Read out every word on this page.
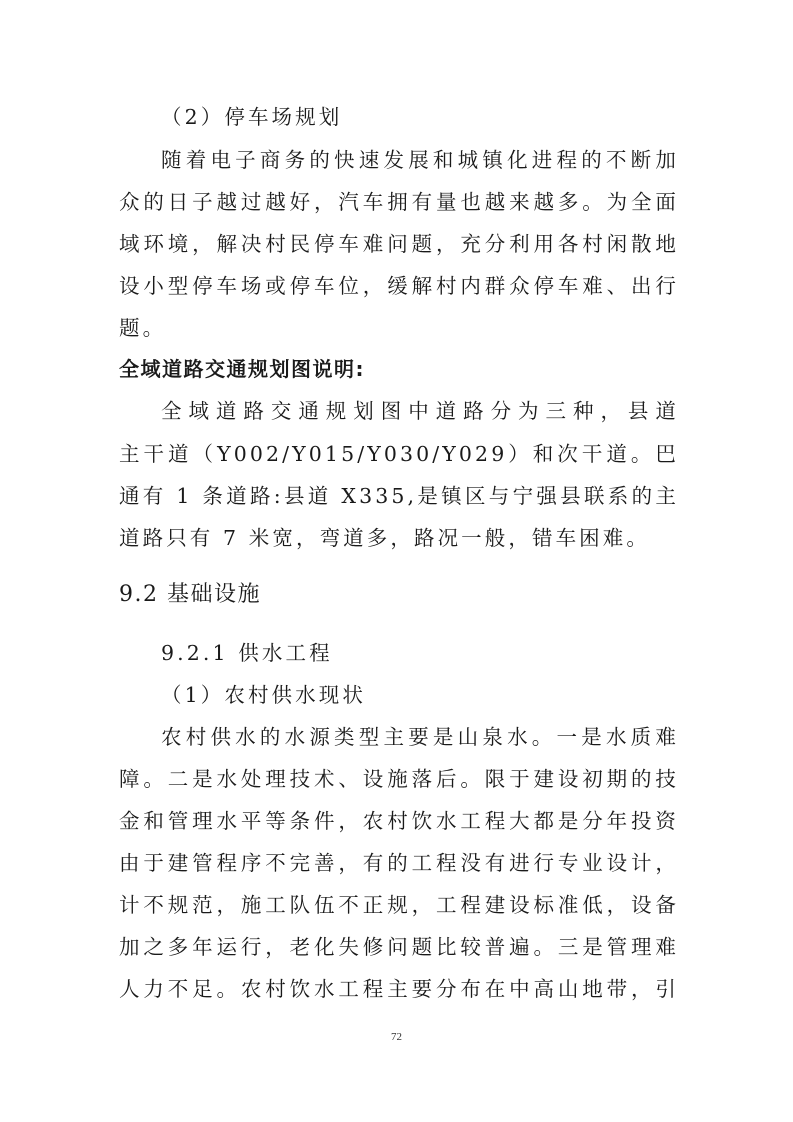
（2）停车场规划
随着电子商务的快速发展和城镇化进程的不断加
众的日子越过越好，汽车拥有量也越来越多。为全面
域环境，解决村民停车难问题，充分利用各村闲散地
设小型停车场或停车位，缓解村内群众停车难、出行
题。
全域道路交通规划图说明:
全域道路交通规划图中道路分为三种，县道
主干道（Y002/Y015/Y030/Y029）和次干道。巴
通有 1 条道路:县道 X335,是镇区与宁强县联系的主
道路只有 7 米宽，弯道多，路况一般，错车困难。
9.2 基础设施
9.2.1 供水工程
（1）农村供水现状
农村供水的水源类型主要是山泉水。一是水质难
障。二是水处理技术、设施落后。限于建设初期的技
金和管理水平等条件，农村饮水工程大都是分年投资
由于建管程序不完善，有的工程没有进行专业设计，
计不规范，施工队伍不正规，工程建设标准低，设备
加之多年运行，老化失修问题比较普遍。三是管理难
人力不足。农村饮水工程主要分布在中高山地带，引
72
